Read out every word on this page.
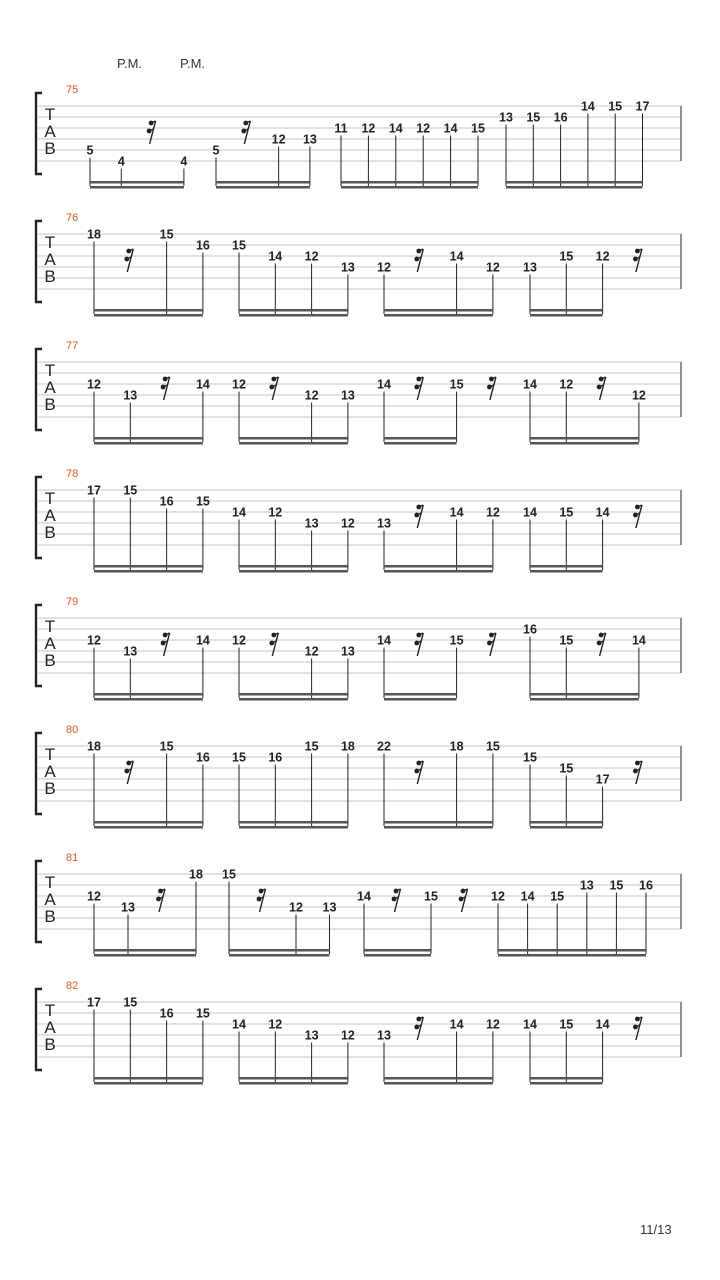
T
A
B
75
5
4	4
5
12 13
11 12 14 12 14 15
13 15 16
14 15 17
T
A
B
76
18	15
16 15
14 12
13 12
14
12 13
15 12
T
A
B
77
12
13
14 12
12 13
14	15	14 12
12
T
A
B
78
17 15
16 15
14 12
13 12 13
14 12 14 15 14
T
A
B
79
12
13
14 12
12 13
14	15
16
15	14
T
A
B
80
18	15
16 15 16
15 18 22	18 15
15
15
17
T
A
B
81
12
13
18 15
12 13
14	15	12 14 15
13 15 16
T
A
B
82
17 15
16 15
14 12
13 12 13
14 12 14 15 14
P.M.	P.M.
11/13
